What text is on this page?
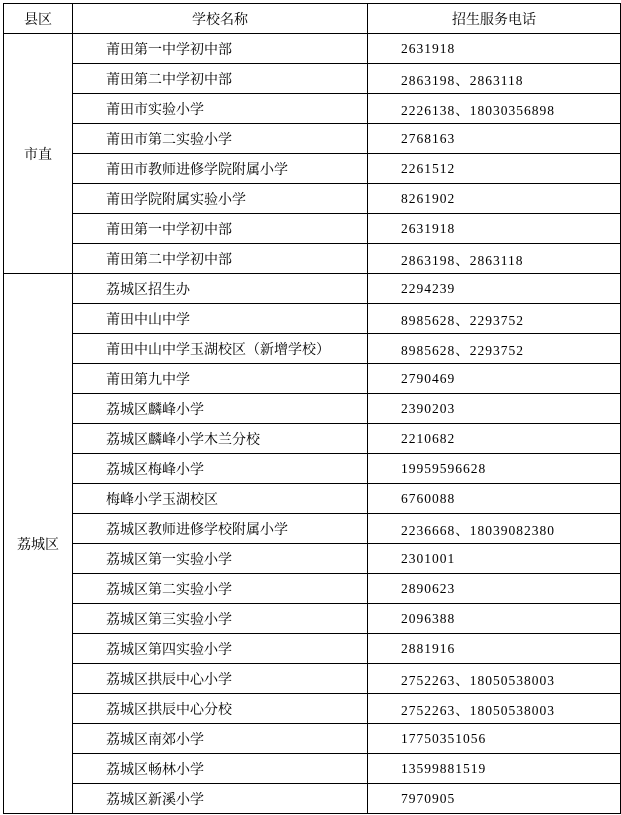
县区	学校名称	招生服务电话
市直	莆田第一中学初中部	2631918
	莆田第二中学初中部	2863198、2863118
	莆田市实验小学	2226138、18030356898
	莆田市第二实验小学	2768163
	莆田市教师进修学院附属小学	2261512
	莆田学院附属实验小学	8261902
	莆田第一中学初中部	2631918
	莆田第二中学初中部	2863198、2863118
荔城区	荔城区招生办	2294239
	莆田中山中学	8985628、2293752
	莆田中山中学玉湖校区（新增学校）	8985628、2293752
	莆田第九中学	2790469
	荔城区麟峰小学	2390203
	荔城区麟峰小学木兰分校	2210682
	荔城区梅峰小学	19959596628
	梅峰小学玉湖校区	6760088
	荔城区教师进修学校附属小学	2236668、18039082380
	荔城区第一实验小学	2301001
	荔城区第二实验小学	2890623
	荔城区第三实验小学	2096388
	荔城区第四实验小学	2881916
	荔城区拱辰中心小学	2752263、18050538003
	荔城区拱辰中心分校	2752263、18050538003
	荔城区南郊小学	17750351056
	荔城区畅林小学	13599881519
	荔城区新溪小学	7970905
